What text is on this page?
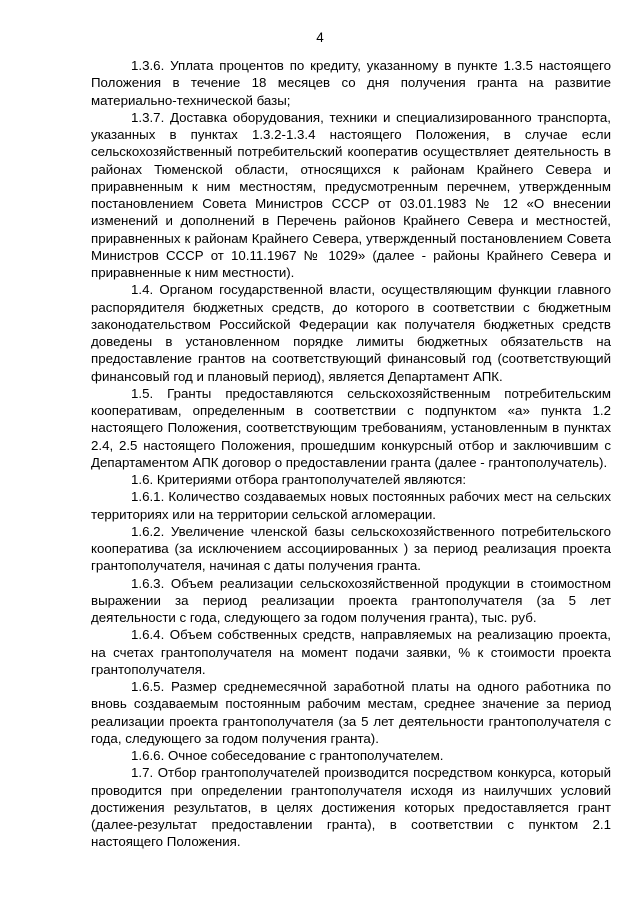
4

1.3.6. Уплата процентов по кредиту, указанному в пункте 1.3.5 настоящего Положения в течение 18 месяцев со дня получения гранта на развитие материально-технической базы;

1.3.7. Доставка оборудования, техники и специализированного транспорта, указанных в пунктах 1.3.2-1.3.4 настоящего Положения, в случае если сельскохозяйственный потребительский кооператив осуществляет деятельность в районах Тюменской области, относящихся к районам Крайнего Севера и приравненным к ним местностям, предусмотренным перечнем, утвержденным постановлением Совета Министров СССР от 03.01.1983 № 12 «О внесении изменений и дополнений в Перечень районов Крайнего Севера и местностей, приравненных к районам Крайнего Севера, утвержденный постановлением Совета Министров СССР от 10.11.1967 № 1029» (далее - районы Крайнего Севера и приравненные к ним местности).

1.4. Органом государственной власти, осуществляющим функции главного распорядителя бюджетных средств, до которого в соответствии с бюджетным законодательством Российской Федерации как получателя бюджетных средств доведены в установленном порядке лимиты бюджетных обязательств на предоставление грантов на соответствующий финансовый год (соответствующий финансовый год и плановый период), является Департамент АПК.

1.5. Гранты предоставляются сельскохозяйственным потребительским кооперативам, определенным в соответствии с подпунктом «а» пункта 1.2 настоящего Положения, соответствующим требованиям, установленным в пунктах 2.4, 2.5 настоящего Положения, прошедшим конкурсный отбор и заключившим с Департаментом АПК договор о предоставлении гранта (далее - грантополучатель).

1.6. Критериями отбора грантополучателей являются:

1.6.1. Количество создаваемых новых постоянных рабочих мест на сельских территориях или на территории сельской агломерации.

1.6.2. Увеличение членской базы сельскохозяйственного потребительского кооператива (за исключением ассоциированных ) за период реализация проекта грантополучателя, начиная с даты получения гранта.

1.6.3. Объем реализации сельскохозяйственной продукции в стоимостном выражении за период реализации проекта грантополучателя (за 5 лет деятельности с года, следующего за годом получения гранта), тыс. руб.

1.6.4. Объем собственных средств, направляемых на реализацию проекта, на счетах грантополучателя на момент подачи заявки, % к стоимости проекта грантополучателя.

1.6.5. Размер среднемесячной заработной платы на одного работника по вновь создаваемым постоянным рабочим местам, среднее значение за период реализации проекта грантополучателя (за 5 лет деятельности грантополучателя с года, следующего за годом получения гранта).

1.6.6. Очное собеседование с грантополучателем.

1.7. Отбор грантополучателей производится посредством конкурса, который проводится при определении грантополучателя исходя из наилучших условий достижения результатов, в целях достижения которых предоставляется грант (далее-результат предоставлении гранта), в соответствии с пунктом 2.1 настоящего Положения.
